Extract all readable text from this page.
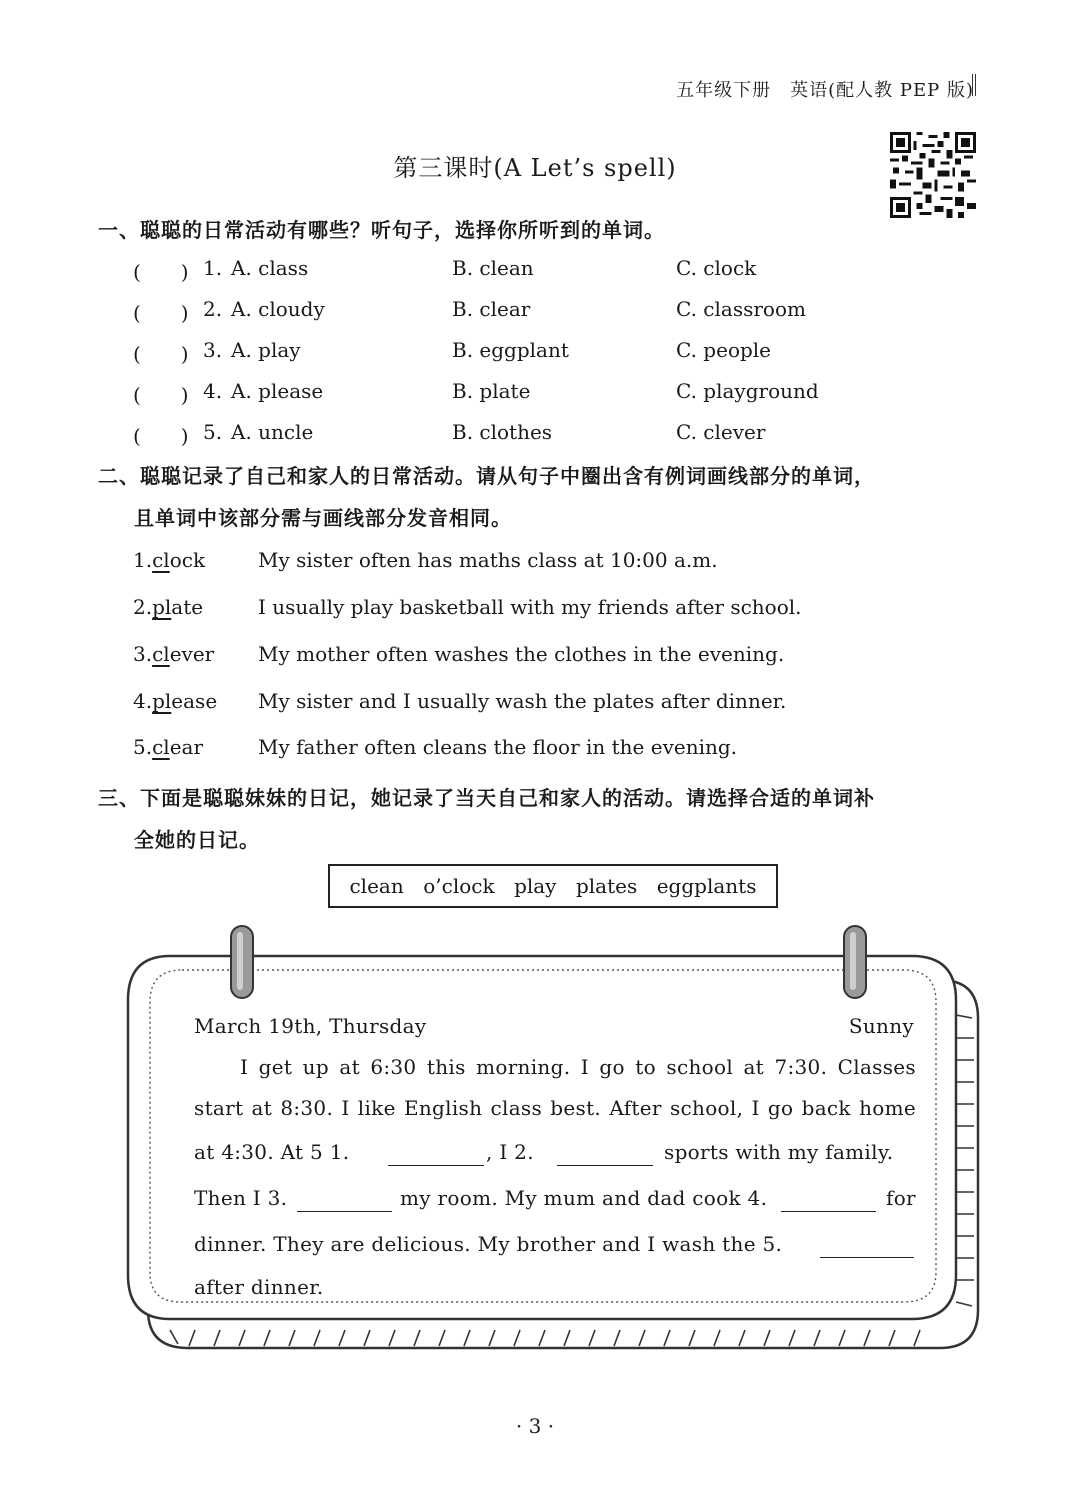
五年级下册　英语(配人教 PEP 版)
第三课时(A Let’s spell)
一、聪聪的日常活动有哪些？听句子，选择你所听到的单词。
(　　) 1. A. class	B. clean	C. clock
(　　) 2. A. cloudy	B. clear	C. classroom
(　　) 3. A. play	B. eggplant	C. people
(　　) 4. A. please	B. plate	C. playground
(　　) 5. A. uncle	B. clothes	C. clever
二、聪聪记录了自己和家人的日常活动。请从句子中圈出含有例词画线部分的单词，
且单词中该部分需与画线部分发音相同。
1.clock	My sister often has maths class at 10:00 a.m.
2.plate	I usually play basketball with my friends after school.
3.clever My mother often washes the clothes in the evening.
4.please My sister and I usually wash the plates after dinner.
5.clear	My father often cleans the floor in the evening.
三、下面是聪聪妹妹的日记，她记录了当天自己和家人的活动。请选择合适的单词补
全她的日记。
clean o’clock play plates eggplants
March 19th, Thursday	Sunny
I get up at 6:30 this morning. I go to school at 7:30. Classes
start at 8:30. I like English class best. After school, I go back home
at 4:30. At 5 1.	, I 2.	sports with my family.
Then I 3.	my room. My mum and dad cook 4.	for
dinner. They are delicious. My brother and I wash the 5.
after dinner.
· 3 ·
